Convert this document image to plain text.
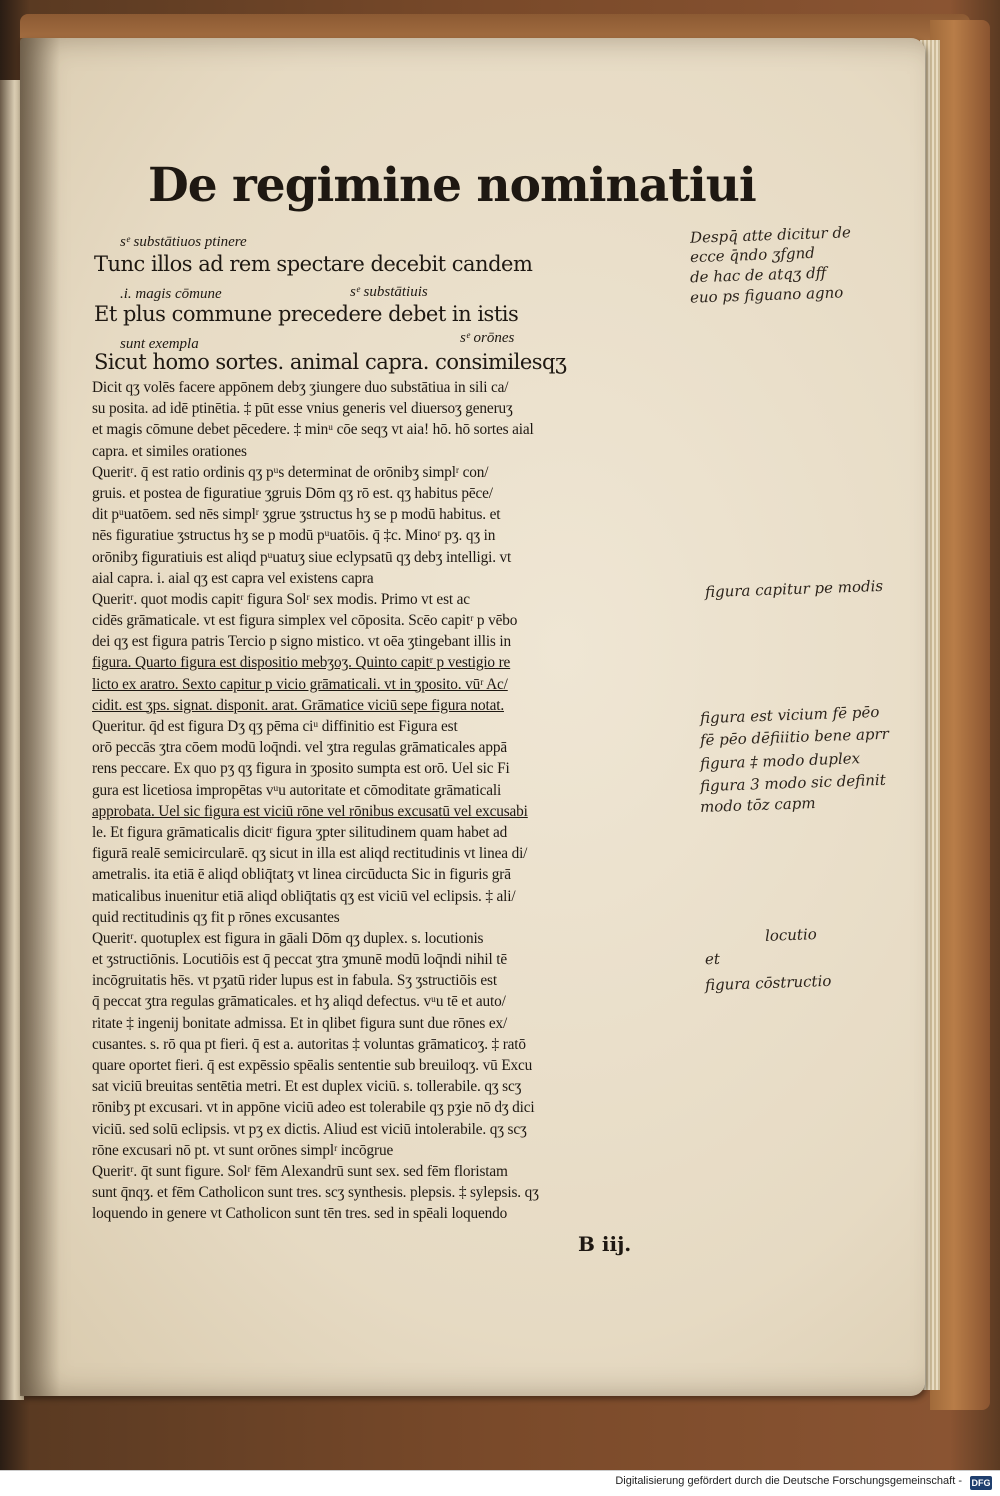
De regimine nominatiui
sᵉ substātiuos ptinere
Tunc illos ad rem spectare decebit candem
.i. magis cōmune	sᵉ substātiuis
Et plus commune precedere debet in istis
sunt exempla	sᵉ orōnes
Sicut homo sortes. animal capra. consimilesqʒ
Dicit qʒ volēs facere appōnem debʒ ʒiungere duo substātiua in sili ca/
su posita. ad idē ptinētia. ‡ pūt esse vnius generis vel diuersoʒ generuʒ
et magis cōmune debet pēcedere. ‡ minᵘ cōe seqʒ vt aia! hō. hō sortes aial
capra. et similes orationes
Queritʳ. q̄ est ratio ordinis qʒ pᵘs determinat de orōnibʒ simplʳ con/
gruis. et postea de figuratiue ʒgruis Dōm qʒ rō est. qʒ habitus pēce/
dit pᵘuatōem. sed nēs simplʳ ʒgrue ʒstructus hʒ se p modū habitus. et
nēs figuratiue ʒstructus hʒ se p modū pᵘuatōis. q̄ ‡c. Minoʳ pʒ. qʒ in
orōnibʒ figuratiuis est aliqd pᵘuatuʒ siue eclypsatū qʒ debʒ intelligi. vt
aial capra. i. aial qʒ est capra vel existens capra
Queritʳ. quot modis capitʳ figura Solʳ sex modis. Primo vt est ac
cidēs grāmaticale. vt est figura simplex vel cōposita. Scēo capitʳ p vēbo
dei qʒ est figura patris Tercio p signo mistico. vt oēa ʒtingebant illis in
figura. Quarto figura est dispositio mebʒoʒ. Quinto capitʳ p vestigio re
licto ex aratro. Sexto capitur p vicio grāmaticali. vt in ʒposito. vūʳ Ac/
cidit. est ʒps. signat. disponit. arat. Grāmatice viciū sepe figura notat.
Queritur. q̄d est figura Dʒ qʒ pēma ciᵘ diffinitio est Figura est
orō peccās ʒtra cōem modū loq̄ndi. vel ʒtra regulas grāmaticales appā
rens peccare. Ex quo pʒ qʒ figura in ʒposito sumpta est orō. Uel sic Fi
gura est licetiosa impropētas vᵘu autoritate et cōmoditate grāmaticali
approbata. Uel sic figura est viciū rōne vel rōnibus excusatū vel excusabi
le. Et figura grāmaticalis dicitʳ figura ʒpter silitudinem quam habet ad
figurā realē semicircularē. qʒ sicut in illa est aliqd rectitudinis vt linea di/
ametralis. ita etiā ē aliqd obliq̄tatʒ vt linea circūducta Sic in figuris grā
maticalibus inuenitur etiā aliqd obliq̄tatis qʒ est viciū vel eclipsis. ‡ ali/
quid rectitudinis qʒ fit p rōnes excusantes
Queritʳ. quotuplex est figura in gāali Dōm qʒ duplex. s. locutionis
et ʒstructiōnis. Locutiōis est q̄ peccat ʒtra ʒmunē modū loq̄ndi nihil tē
incōgruitatis hēs. vt pʒatū rider lupus est in fabula. Sʒ ʒstructiōis est
q̄ peccat ʒtra regulas grāmaticales. et hʒ aliqd defectus. vᵘu tē et auto/
ritate ‡ ingenij bonitate admissa. Et in qlibet figura sunt due rōnes ex/
cusantes. s. rō qua pt fieri. q̄ est a. autoritas ‡ voluntas grāmaticoʒ. ‡ ratō
quare oportet fieri. q̄ est expēssio spēalis sententie sub breuiloqʒ. vū Excu
sat viciū breuitas sentētia metri. Et est duplex viciū. s. tollerabile. qʒ scʒ
rōnibʒ pt excusari. vt in appōne viciū adeo est tolerabile qʒ pʒie nō dʒ dici
viciū. sed solū eclipsis. vt pʒ ex dictis. Aliud est viciū intolerabile. qʒ scʒ
rōne excusari nō pt. vt sunt orōnes simplʳ incōgrue
Queritʳ. q̄t sunt figure. Solʳ fēm Alexandrū sunt sex. sed fēm floristam
sunt q̄nqʒ. et fēm Catholicon sunt tres. scʒ synthesis. plepsis. ‡ sylepsis. qʒ
loquendo in genere vt Catholicon sunt tēn tres. sed in spēali loquendo
B iij.
Despq̄ atte dicitur de
ecce q̄ndo ʒfgnd
de hac de atqʒ dff
euo ps figuano agno
figura capitur pe modis
figura est vicium fē pēo
fē pēo dēfiiitio bene aprr
figura ‡ modo duplex
figura 3 modo sic definit
modo tōz capm
locutio
et
figura cōstructio
Digitalisierung gefördert durch die Deutsche Forschungsgemeinschaft - DFG
